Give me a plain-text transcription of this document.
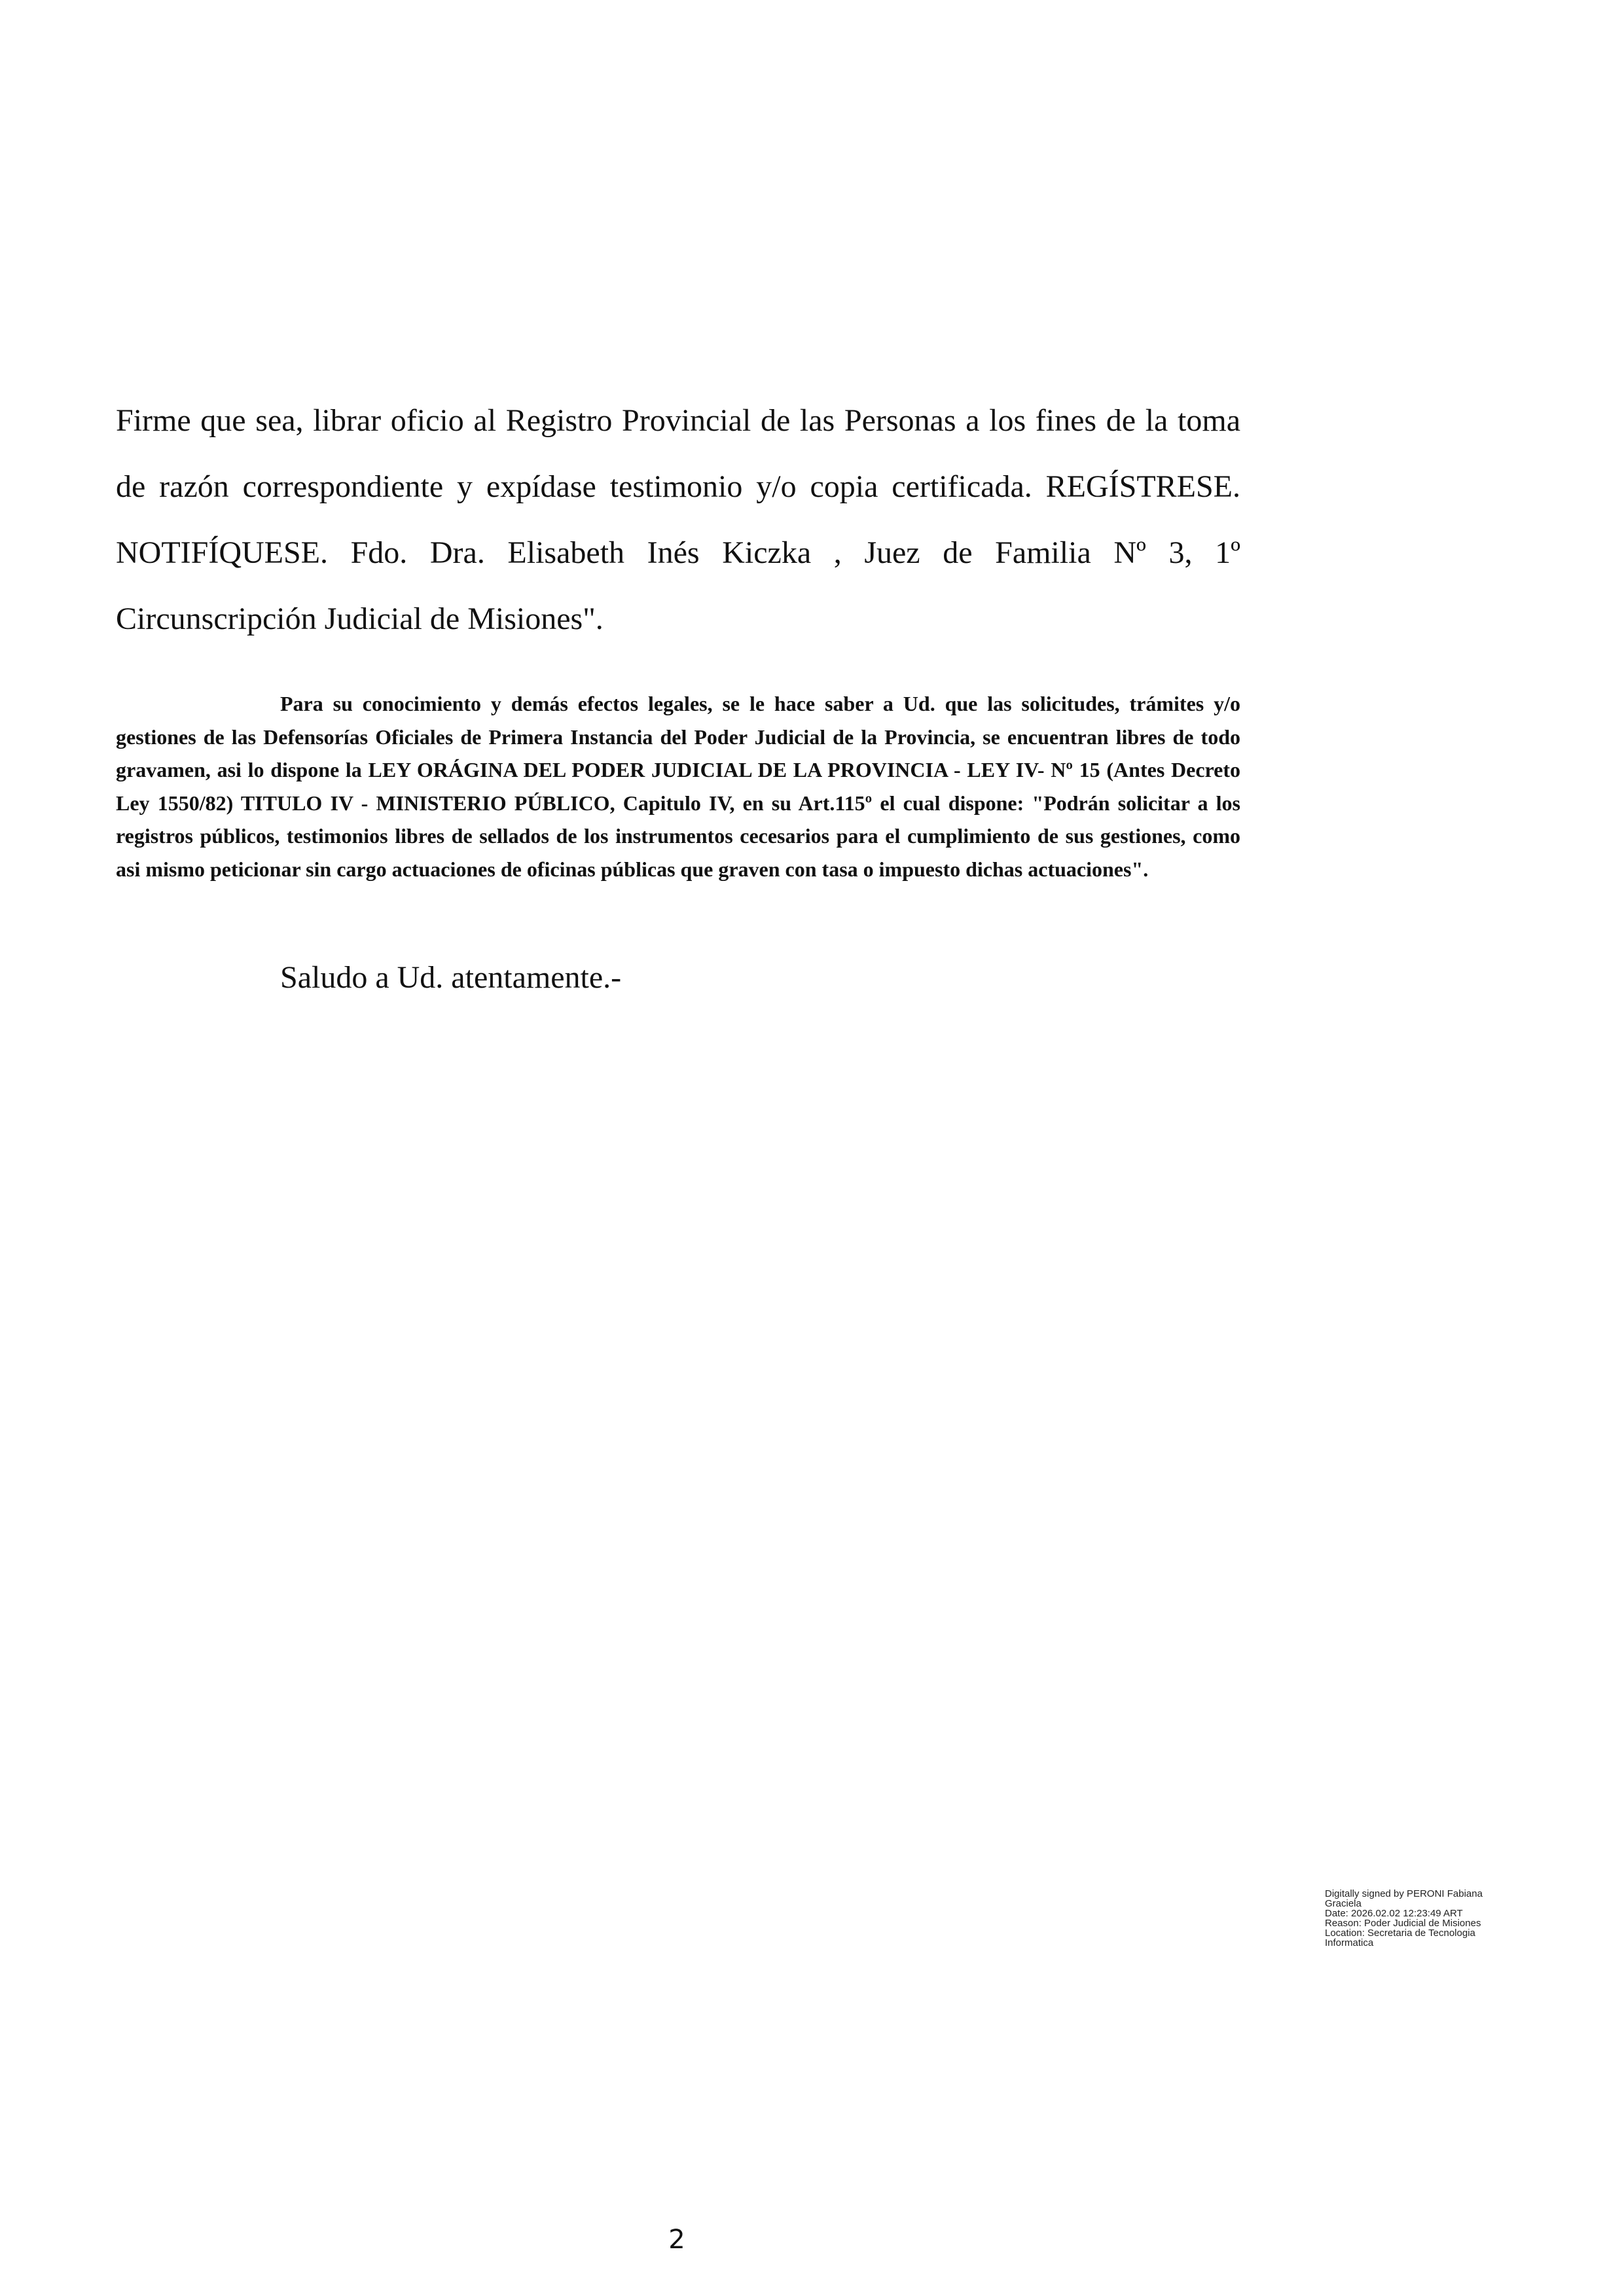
Firme que sea, librar oficio al Registro Provincial de las Personas a los fines de la toma de razón correspondiente y expídase testimonio y/o copia certificada. REGÍSTRESE. NOTIFÍQUESE. Fdo. Dra. Elisabeth Inés Kiczka , Juez de Familia Nº 3, 1º Circunscripción Judicial de Misiones".

Para su conocimiento y demás efectos legales, se le hace saber a Ud. que las solicitudes, trámites y/o gestiones de las Defensorías Oficiales de Primera Instancia del Poder Judicial de la Provincia, se encuentran libres de todo gravamen, asi lo dispone la LEY ORÁGINA DEL PODER JUDICIAL DE LA PROVINCIA - LEY IV- Nº 15 (Antes Decreto Ley 1550/82) TITULO IV - MINISTERIO PÚBLICO, Capitulo IV, en su Art.115º el cual dispone: "Podrán solicitar a los registros públicos, testimonios libres de sellados de los instrumentos cecesarios para el cumplimiento de sus gestiones, como asi mismo peticionar sin cargo actuaciones de oficinas públicas que graven con tasa o impuesto dichas actuaciones".

Saludo a Ud. atentamente.-

Digitally signed by PERONI Fabiana Graciela
Date: 2026.02.02 12:23:49 ART
Reason: Poder Judicial de Misiones
Location: Secretaria de Tecnologia Informatica
2
